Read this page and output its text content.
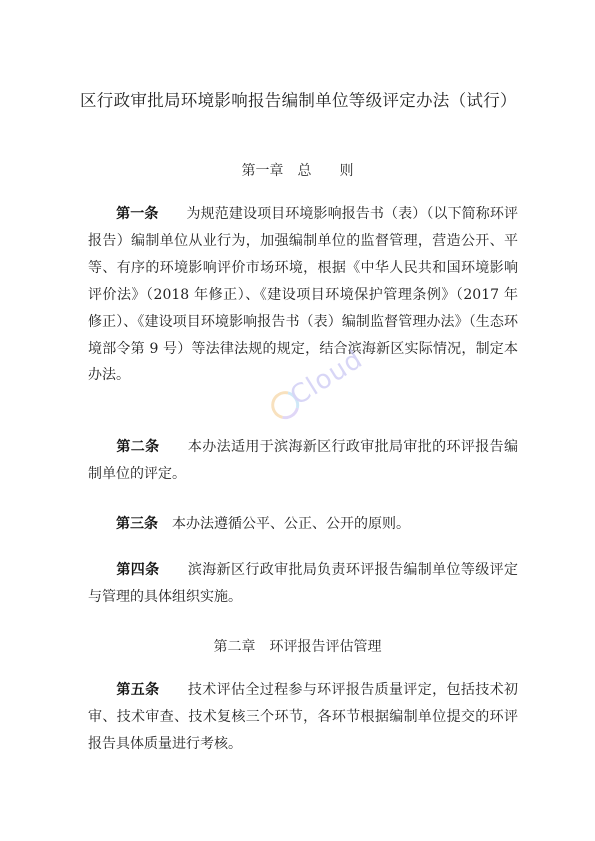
区行政审批局环境影响报告编制单位等级评定办法（试行）
第一章　总　　则
第一条 为规范建设项目环境影响报告书（表）（以下简称环评报告）编制单位从业行为，加强编制单位的监督管理，营造公开、平等、有序的环境影响评价市场环境，根据《中华人民共和国环境影响评价法》（2018 年修正）、《建设项目环境保护管理条例》（2017 年修正）、《建设项目环境影响报告书（表）编制监督管理办法》（生态环境部令第 9 号）等法律法规的规定，结合滨海新区实际情况，制定本办法。
第二条 本办法适用于滨海新区行政审批局审批的环评报告编制单位的评定。
第三条 本办法遵循公平、公正、公开的原则。
第四条 滨海新区行政审批局负责环评报告编制单位等级评定与管理的具体组织实施。
第二章　环评报告评估管理
第五条 技术评估全过程参与环评报告质量评定，包括技术初审、技术审查、技术复核三个环节，各环节根据编制单位提交的环评报告具体质量进行考核。
Cloud
